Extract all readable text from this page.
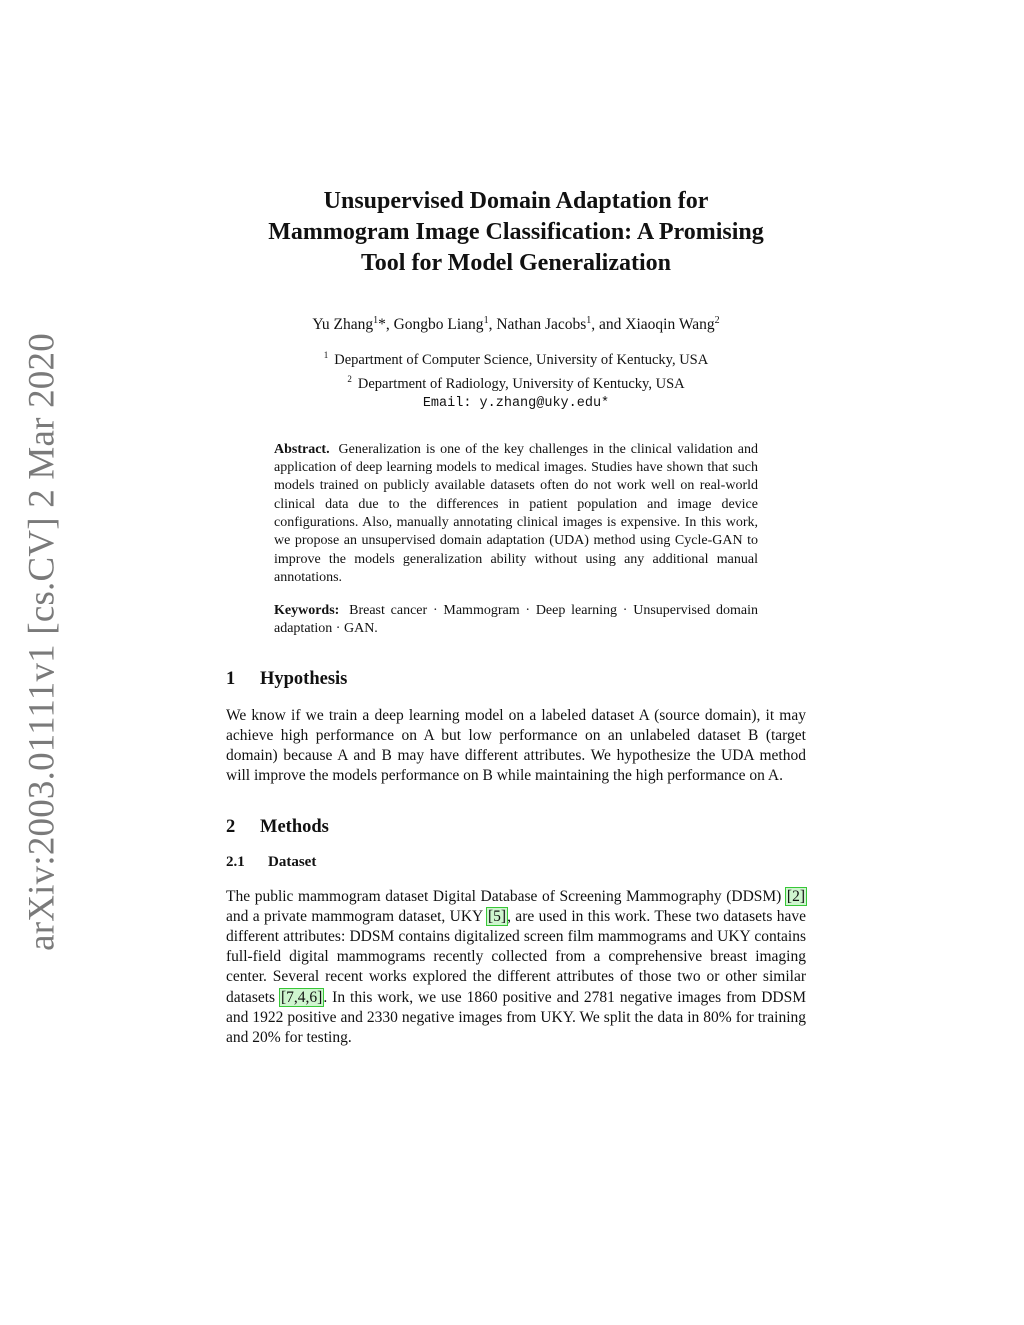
arXiv:2003.01111v1 [cs.CV] 2 Mar 2020
Unsupervised Domain Adaptation for
Mammogram Image Classification: A Promising
Tool for Model Generalization
Yu Zhang$^1$*, Gongbo Liang$^1$, Nathan Jacobs$^1$, and Xiaoqin Wang$^2$
$^1$ Department of Computer Science, University of Kentucky, USA
$^2$ Department of Radiology, University of Kentucky, USA
Email: y.zhang@uky.edu*
Abstract. Generalization is one of the key challenges in the clinical validation and application of deep learning models to medical images. Studies have shown that such models trained on publicly available datasets often do not work well on real-world clinical data due to the differences in patient population and image device configurations. Also, manually annotating clinical images is expensive. In this work, we propose an unsupervised domain adaptation (UDA) method using Cycle-GAN to improve the models generalization ability without using any additional manual annotations.
Keywords: Breast cancer · Mammogram · Deep learning · Unsupervised domain adaptation · GAN.
1 Hypothesis

We know if we train a deep learning model on a labeled dataset A (source domain), it may achieve high performance on A but low performance on an unlabeled dataset B (target domain) because A and B may have different attributes. We hypothesize the UDA method will improve the models performance on B while maintaining the high performance on A.

2 Methods
2.1 Dataset

The public mammogram dataset Digital Database of Screening Mammography (DDSM) [2] and a private mammogram dataset, UKY [5], are used in this work. These two datasets have different attributes: DDSM contains digitalized screen film mammograms and UKY contains full-field digital mammograms recently collected from a comprehensive breast imaging center. Several recent works explored the different attributes of those two or other similar datasets [7,4,6]. In this work, we use 1860 positive and 2781 negative images from DDSM and 1922 positive and 2330 negative images from UKY. We split the data in 80% for training and 20% for testing.
